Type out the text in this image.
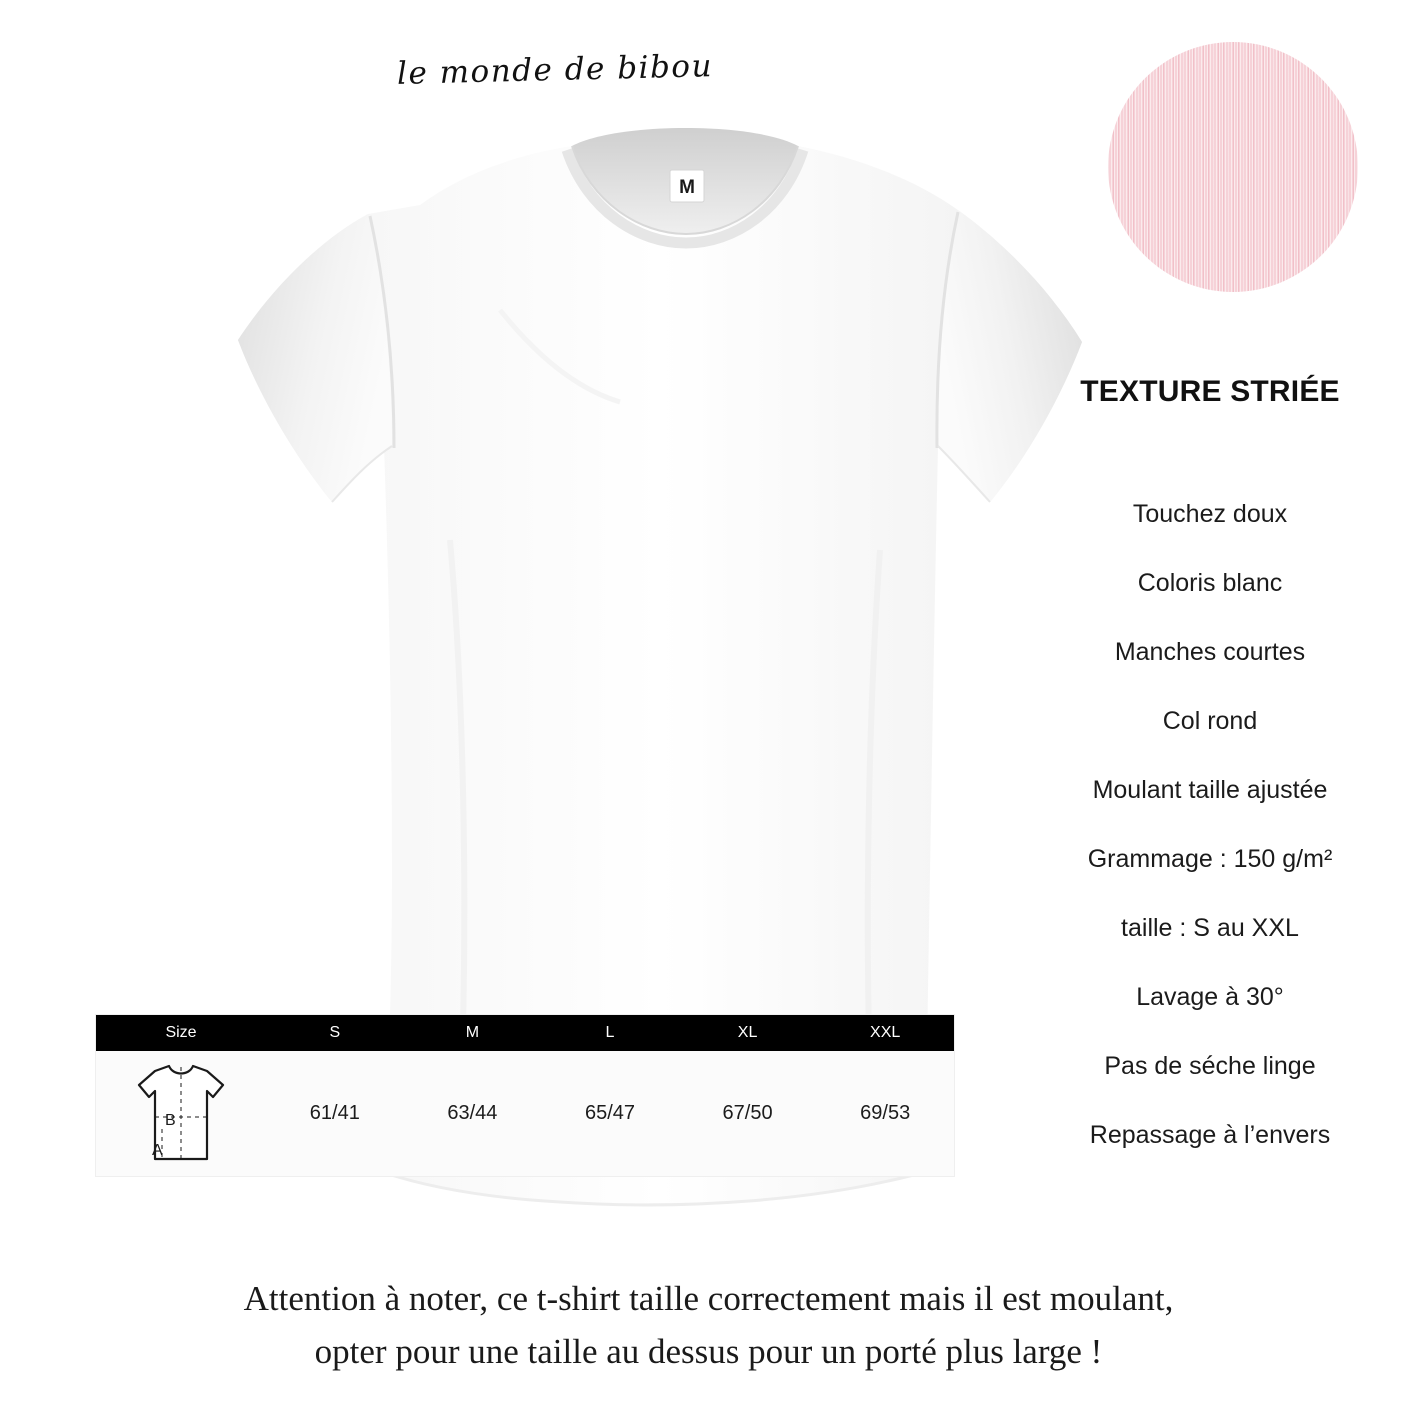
le monde de bibou
M
TEXTURE STRIÉE
Touchez doux
Coloris blanc
Manches courtes
Col rond
Moulant taille ajustée
Grammage : 150 g/m²
taille : S au XXL
Lavage à 30°
Pas de séche linge
Repassage à l’envers
Size	S	M	L	XL	XXL
B
A
61/41	63/44	65/47	67/50	69/53
Attention à noter, ce t-shirt taille correctement mais il est moulant,
opter pour une taille au dessus pour un porté plus large !
